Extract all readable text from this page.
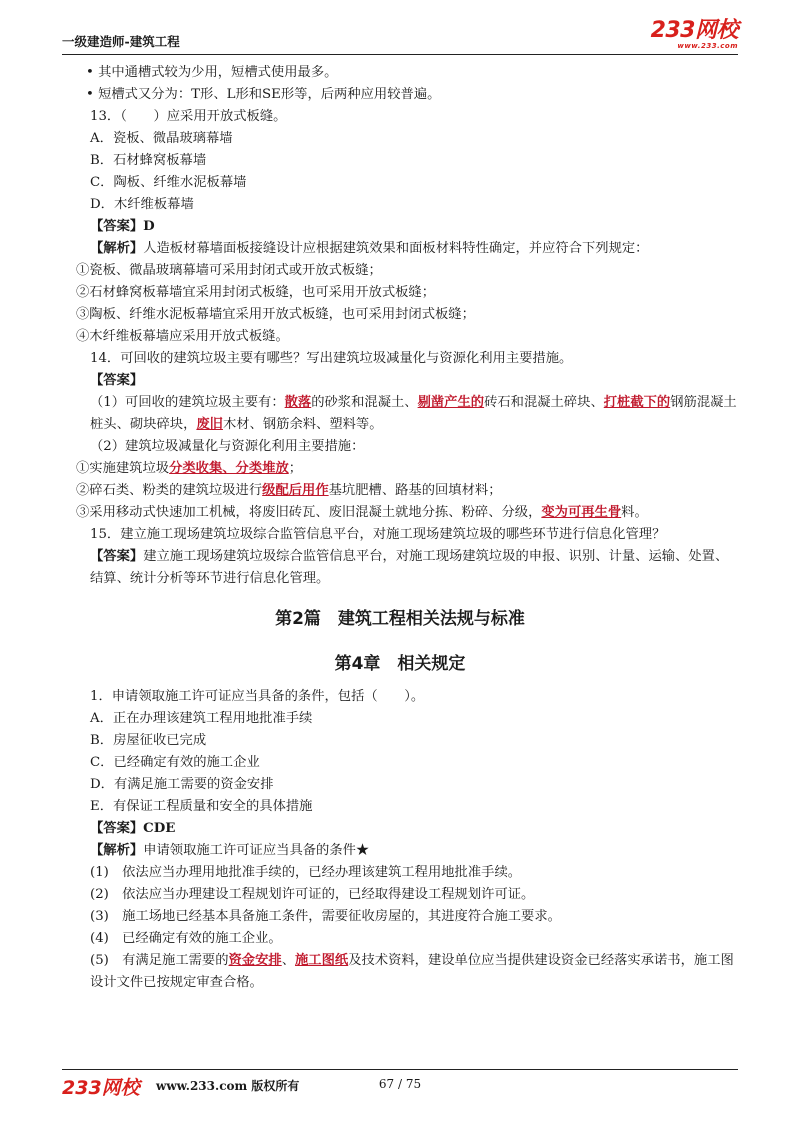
一级建造师-建筑工程	233网校
www.233.com
• 其中通槽式较为少用，短槽式使用最多。
• 短槽式又分为：T形、L形和SE形等，后两种应用较普遍。
13．（　　）应采用开放式板缝。
A．瓷板、微晶玻璃幕墙
B．石材蜂窝板幕墙
C．陶板、纤维水泥板幕墙
D．木纤维板幕墙
【答案】D
【解析】人造板材幕墙面板接缝设计应根据建筑效果和面板材料特性确定，并应符合下列规定：
①瓷板、微晶玻璃幕墙可采用封闭式或开放式板缝；
②石材蜂窝板幕墙宜采用封闭式板缝，也可采用开放式板缝；
③陶板、纤维水泥板幕墙宜采用开放式板缝，也可采用封闭式板缝；
④木纤维板幕墙应采用开放式板缝。
14．可回收的建筑垃圾主要有哪些？写出建筑垃圾减量化与资源化利用主要措施。
【答案】
（1）可回收的建筑垃圾主要有：散落的砂浆和混凝土、剔凿产生的砖石和混凝土碎块、打桩截下的钢筋混凝土桩头、砌块碎块，废旧木材、钢筋余料、塑料等。
（2）建筑垃圾减量化与资源化利用主要措施：
①实施建筑垃圾分类收集、分类堆放；
②碎石类、粉类的建筑垃圾进行级配后用作基坑肥槽、路基的回填材料；
③采用移动式快速加工机械，将废旧砖瓦、废旧混凝土就地分拣、粉碎、分级，变为可再生骨料。
15．建立施工现场建筑垃圾综合监管信息平台，对施工现场建筑垃圾的哪些环节进行信息化管理？
【答案】建立施工现场建筑垃圾综合监管信息平台，对施工现场建筑垃圾的申报、识别、计量、运输、处置、结算、统计分析等环节进行信息化管理。
第2篇　建筑工程相关法规与标准
第4章　相关规定
1．申请领取施工许可证应当具备的条件，包括（　　）。
A．正在办理该建筑工程用地批准手续
B．房屋征收已完成
C．已经确定有效的施工企业
D．有满足施工需要的资金安排
E．有保证工程质量和安全的具体措施
【答案】CDE
【解析】申请领取施工许可证应当具备的条件★
(1)　依法应当办理用地批准手续的，已经办理该建筑工程用地批准手续。
(2)　依法应当办理建设工程规划许可证的，已经取得建设工程规划许可证。
(3)　施工场地已经基本具备施工条件，需要征收房屋的，其进度符合施工要求。
(4)　已经确定有效的施工企业。
(5)　有满足施工需要的资金安排、施工图纸及技术资料，建设单位应当提供建设资金已经落实承诺书，施工图设计文件已按规定审查合格。
233网校 www.233.com 版权所有	67 / 75
